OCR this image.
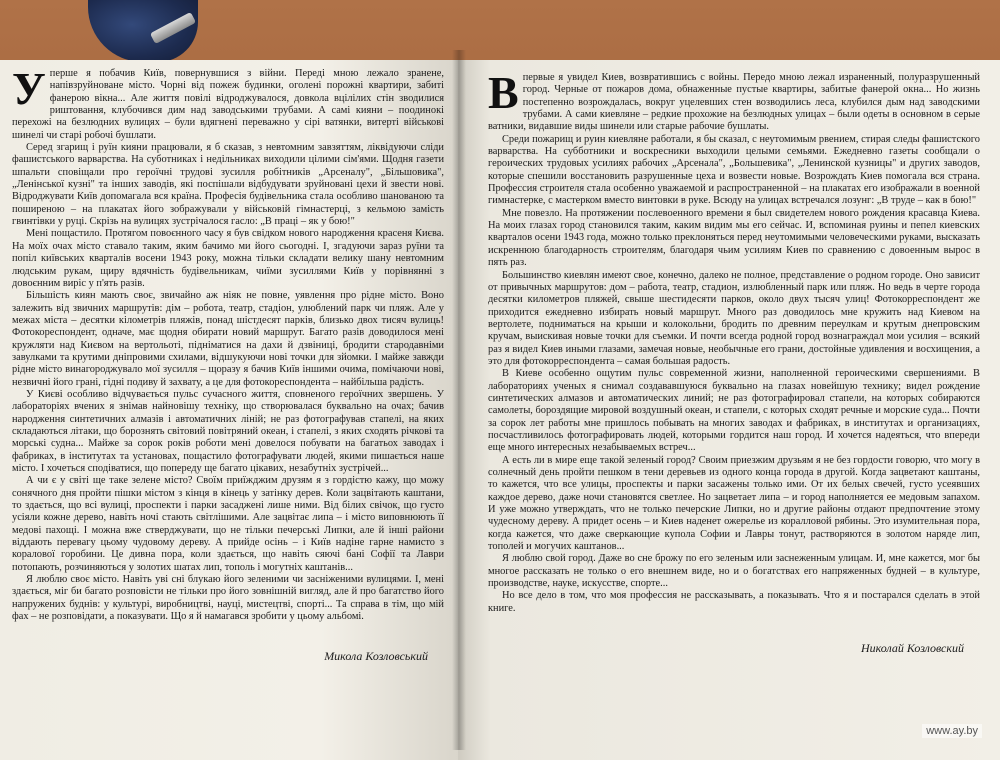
У перше я побачив Київ, повернувшися з війни. Переді мною лежало зранене, напівзруйноване місто. Чорні від пожеж будинки, оголені порожні квартири, забиті фанерою вікна... Але життя повілі відроджувалося, довкола вцілілих стін зводилися риштовання, клубочився дим над заводськими трубами. А самі кияни – поодинокі перехожі на безлюдних вулицях – були вдягнені переважно у сірі ватянки, витерті військові шинелі чи старі робочі бушлати.

Серед згарищ і руїн кияни працювали, я б сказав, з невтомним завзяттям, ліквідуючи сліди фашистського варварства. На суботниках і недільниках виходили цілими сім'ями. Щодня газети шпальти сповіщали про героїчні трудові зусилля робітників „Арсеналу", „Більшовика", „Ленінської кузні" та інших заводів, які поспішали відбудувати зруйновані цехи й звести нові. Відроджувати Київ допомагала вся країна. Професія будівельника стала особливо шанованою та поширеною – на плакатах його зображували у військовій гімнастерці, з кельмою замість гвинтівки у руці. Скрізь на вулицях зустрічалося гасло: „В праці – як у бою!"

Мені пощастило. Протягом повоєнного часу я був свідком нового народження красеня Києва. На моїх очах місто ставало таким, яким бачимо ми його сьогодні. І, згадуючи зараз руїни та попіл київських кварталів восени 1943 року, можна тільки складати велику шану невтомним людським рукам, щиру вдячність будівельникам, чиїми зусиллями Київ у порівнянні з довоєнним виріс у п'ять разів.

Більшість киян мають своє, звичайно аж ніяк не повне, уявлення про рідне місто. Воно залежить від звичних маршрутів: дім – робота, театр, стадіон, улюблений парк чи пляж. Але у межах міста – десятки кілометрів пляжів, понад шістдесят парків, близько двох тисяч вулиць! Фотокореспондент, одначе, має щодня обирати новий маршрут. Багато разів доводилося мені кружляти над Києвом на вертольоті, підніматися на дахи й дзвіниці, бродити стародавніми завулками та крутими дніпровими схилами, відшукуючи нові точки для зйомки. І майже завжди рідне місто винагороджувало мої зусилля – щоразу я бачив Київ іншими очима, помічаючи нові, незвичні його грані, гідні подиву й захвату, а це для фотокореспондента – найбільша радість.

У Києві особливо відчувається пульс сучасного життя, сповненого героїчних звершень. У лабораторіях вчених я знімав найновішу техніку, що створювалася буквально на очах; бачив народження синтетичних алмазів і автоматичних ліній; не раз фотографував стапелі, на яких складаються літаки, що борознять світовий повітряний океан, і стапелі, з яких сходять річкові та морські судна... Майже за сорок років роботи мені довелося побувати на багатьох заводах і фабриках, в інститутах та установах, пощастило фотографувати людей, якими пишається наше місто. І хочеться сподіватися, що попереду ще багато цікавих, незабутніх зустрічей...

А чи є у світі ще таке зелене місто? Своїм приїжджим друзям я з гордістю кажу, що можу сонячного дня пройти пішки містом з кінця в кінець у затінку дерев. Коли зацвітають каштани, то здається, що всі вулиці, проспекти і парки засаджені лише ними. Від білих свічок, що густо усіяли кожне дерево, навіть ночі стають світлішими. Але зацвітає липа – і місто виповнюють її медові пахощі. І можна вже стверджувати, що не тільки печерські Липки, але й інші райони віддають перевагу цьому чудовому дереву. А прийде осінь – і Київ надіне гарне намисто з коралової горобини. Це дивна пора, коли здається, що навіть сяючі бані Софії та Лаври потопають, розчиняються у золотих шатах лип, тополь і могутніх каштанів...

Я люблю своє місто. Навіть уві сні блукаю його зеленими чи засніженими вулицями. І, мені здається, міг би багато розповісти не тільки про його зовнішній вигляд, але й про багатство його напружених буднів: у культурі, виробництві, науці, мистецтві, спорті... Та справа в тім, що мій фах – не розповідати, а показувати. Що я й намагався зробити у цьому альбомі.

Микола Козловський
В первые я увидел Киев, возвратившись с войны. Передо мною лежал израненный, полуразрушенный город. Черные от пожаров дома, обнаженные пустые квартиры, забитые фанерой окна... Но жизнь постепенно возрождалась, вокруг уцелевших стен возводились леса, клубился дым над заводскими трубами. А сами киевляне – редкие прохожие на безлюдных улицах – были одеты в основном в серые ватники, видавшие виды шинели или старые рабочие бушлаты.

Среди пожарищ и руин киевляне работали, я бы сказал, с неутомимым рвением, стирая следы фашистского варварства. На субботники и воскресники выходили целыми семьями. Ежедневно газеты сообщали о героических трудовых усилиях рабочих „Арсенала", „Большевика", „Ленинской кузницы" и других заводов, которые спешили восстановить разрушенные цеха и возвести новые. Возрождать Киев помогала вся страна. Профессия строителя стала особенно уважаемой и распространенной – на плакатах его изображали в военной гимнастерке, с мастерком вместо винтовки в руке. Всюду на улицах встречался лозунг: „В труде – как в бою!"

Мне повезло. На протяжении послевоенного времени я был свидетелем нового рождения красавца Киева. На моих глазах город становился таким, каким видим мы его сейчас. И, вспоминая руины и пепел киевских кварталов осени 1943 года, можно только преклоняться перед неутомимыми человеческими руками, высказать искреннюю благодарность строителям, благодаря чьим усилиям Киев по сравнению с довоенным вырос в пять раз.

Большинство киевлян имеют свое, конечно, далеко не полное, представление о родном городе. Оно зависит от привычных маршрутов: дом – работа, театр, стадион, излюбленный парк или пляж. Но ведь в черте города десятки километров пляжей, свыше шестидесяти парков, около двух тысяч улиц! Фотокорреспондент же приходится ежедневно избирать новый маршрут. Много раз доводилось мне кружить над Киевом на вертолете, подниматься на крыши и колокольни, бродить по древним переулкам и крутым днепровским кручам, выискивая новые точки для съемки. И почти всегда родной город вознаграждал мои усилия – всякий раз я видел Киев иными глазами, замечая новые, необычные его грани, достойные удивления и восхищения, а это для фотокорреспондента – самая большая радость.

В Киеве особенно ощутим пульс современной жизни, наполненной героическими свершениями. В лабораториях ученых я снимал создававшуюся буквально на глазах новейшую технику; видел рождение синтетических алмазов и автоматических линий; не раз фотографировал стапели, на которых собираются самолеты, бороздящие мировой воздушный океан, и стапели, с которых сходят речные и морские суда... Почти за сорок лет работы мне пришлось побывать на многих заводах и фабриках, в институтах и организациях, посчастливилось фотографировать людей, которыми гордится наш город. И хочется надеяться, что впереди еще много интересных незабываемых встреч...

А есть ли в мире еще такой зеленый город? Своим приезжим друзьям я не без гордости говорю, что могу в солнечный день пройти пешком в тени деревьев из одного конца города в другой. Когда зацветают каштаны, то кажется, что все улицы, проспекты и парки засажены только ими. От их белых свечей, густо усеявших каждое дерево, даже ночи становятся светлее. Но зацветает липа – и город наполняется ее медовым запахом. И уже можно утверждать, что не только печерские Липки, но и другие районы отдают предпочтение этому чудесному дереву. А придет осень – и Киев наденет ожерелье из коралловой рябины. Это изумительная пора, когда кажется, что даже сверкающие купола Софии и Лавры тонут, растворяются в золотом наряде лип, тополей и могучих каштанов...

Я люблю свой город. Даже во сне брожу по его зеленым или заснеженным улицам. И, мне кажется, мог бы многое рассказать не только о его внешнем виде, но и о богатствах его напряженных будней – в культуре, производстве, науке, искусстве, спорте...

Но все дело в том, что моя профессия не рассказывать, а показывать. Что я и постарался сделать в этой книге.

Николай Козловский
www.ay.by
